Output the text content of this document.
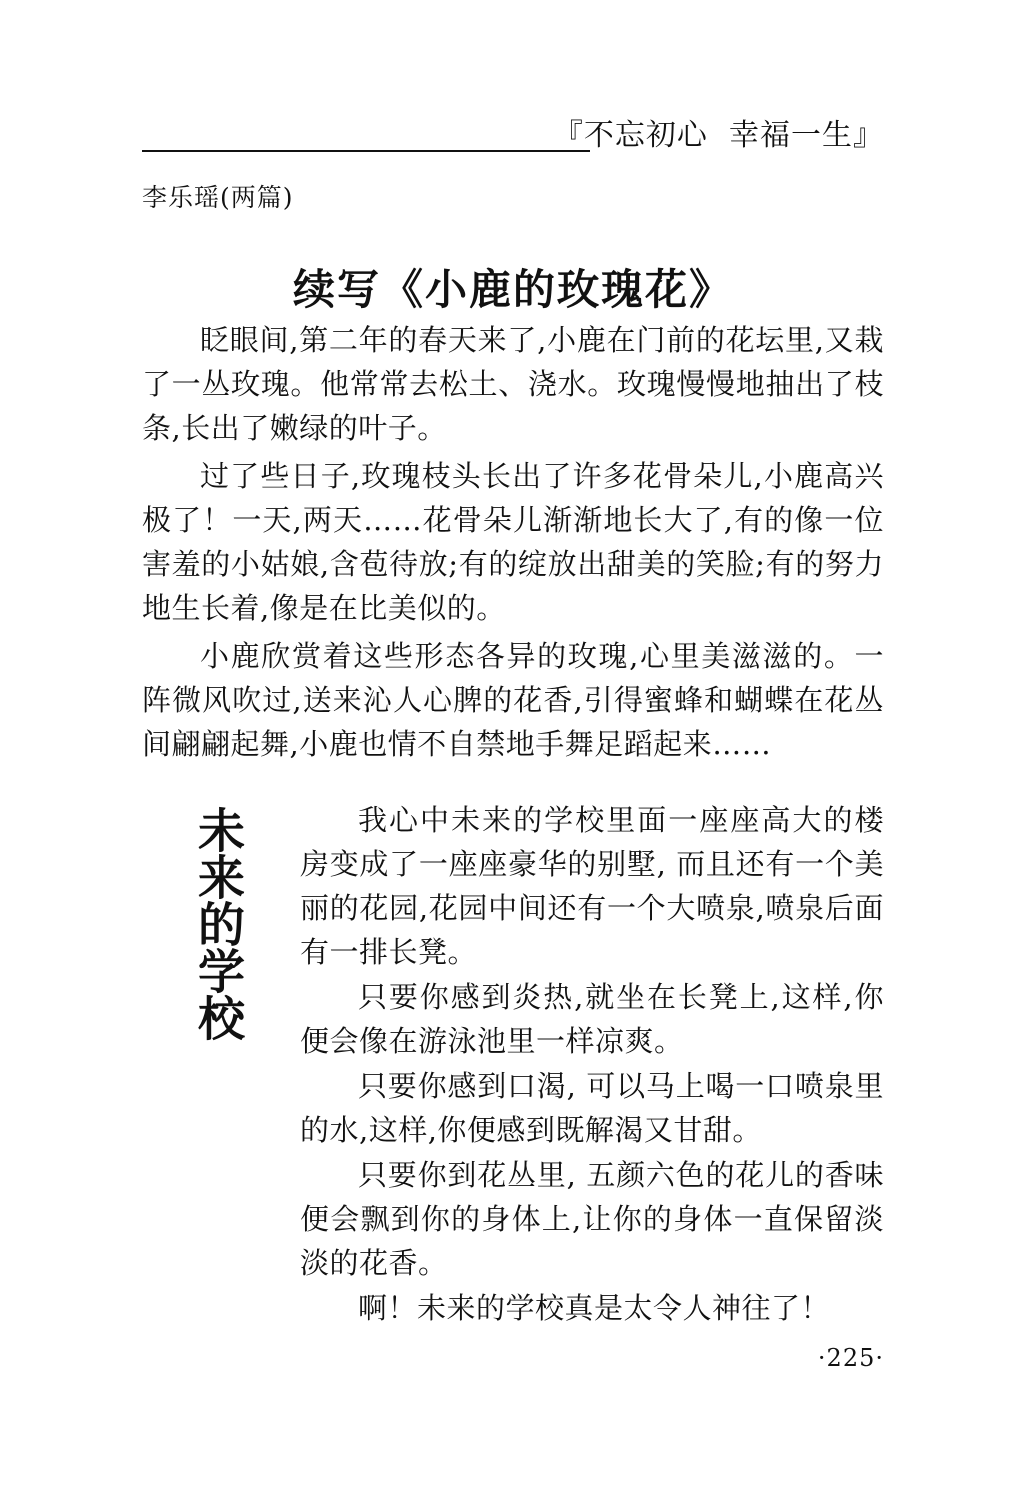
『不忘初心  幸福一生』
李乐瑶(两篇)
续写《小鹿的玫瑰花》

眨眼间,第二年的春天来了,小鹿在门前的花坛里,又栽了一丛玫瑰。他常常去松土、浇水。玫瑰慢慢地抽出了枝条,长出了嫩绿的叶子。

过了些日子,玫瑰枝头长出了许多花骨朵儿,小鹿高兴极了！一天,两天……花骨朵儿渐渐地长大了,有的像一位害羞的小姑娘,含苞待放;有的绽放出甜美的笑脸;有的努力地生长着,像是在比美似的。

小鹿欣赏着这些形态各异的玫瑰,心里美滋滋的。一阵微风吹过,送来沁人心脾的花香,引得蜜蜂和蝴蝶在花丛间翩翩起舞,小鹿也情不自禁地手舞足蹈起来……

未来的学校	我心中未来的学校里面一座座高大的楼房变成了一座座豪华的别墅, 而且还有一个美丽的花园,花园中间还有一个大喷泉,喷泉后面有一排长凳。

只要你感到炎热,就坐在长凳上,这样,你便会像在游泳池里一样凉爽。

只要你感到口渴, 可以马上喝一口喷泉里的水,这样,你便感到既解渴又甘甜。

只要你到花丛里, 五颜六色的花儿的香味便会飘到你的身体上,让你的身体一直保留淡淡的花香。

啊！未来的学校真是太令人神往了！

·225·
